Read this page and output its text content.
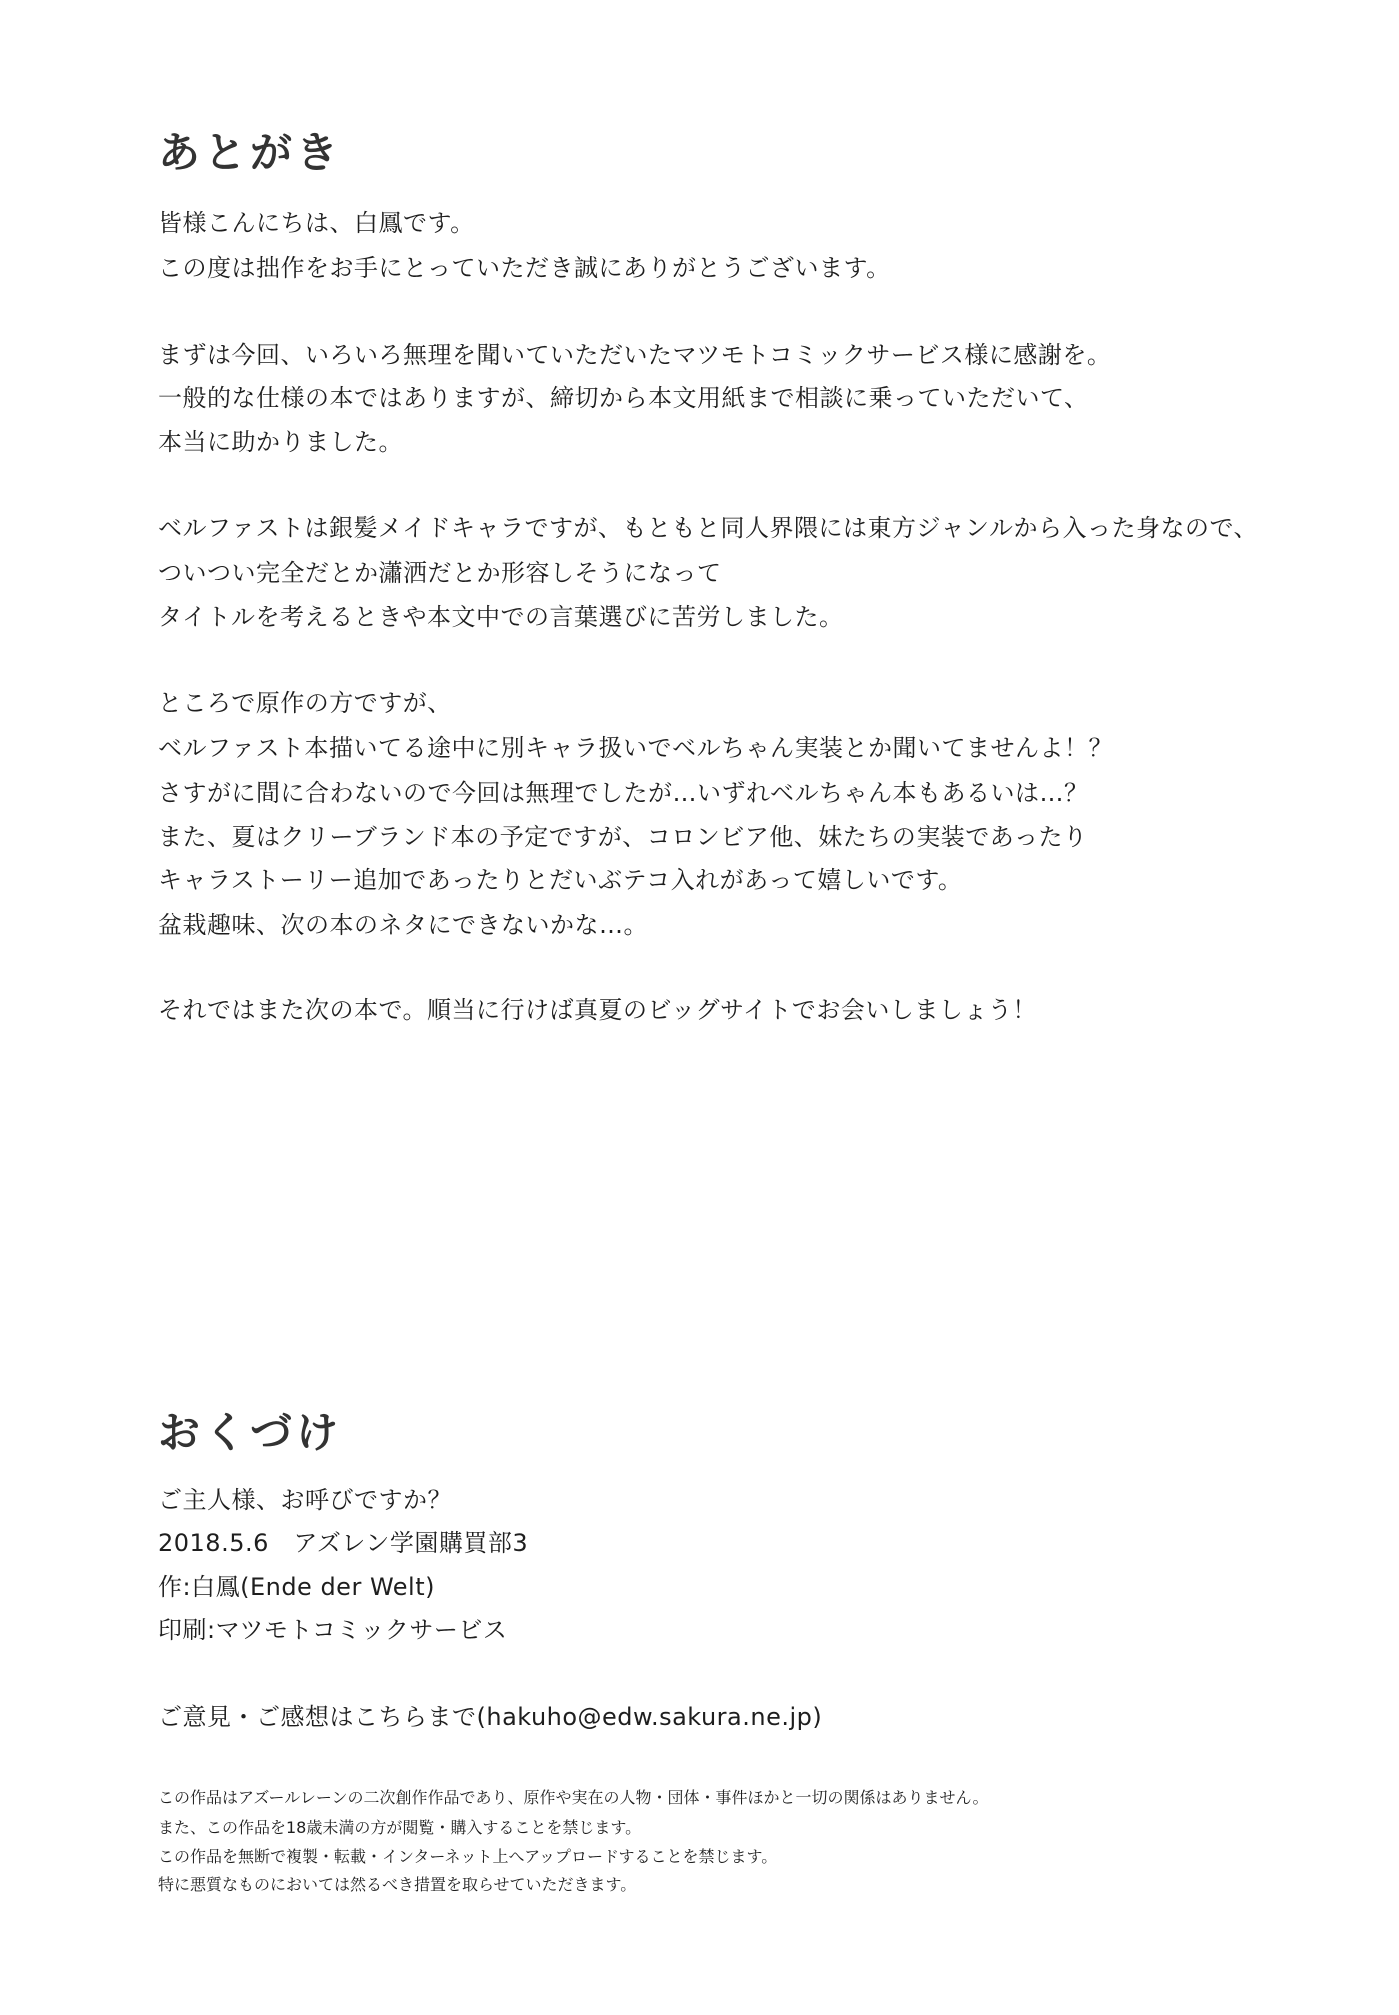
あとがき
皆様こんにちは、白鳳です。
この度は拙作をお手にとっていただき誠にありがとうございます。
まずは今回、いろいろ無理を聞いていただいたマツモトコミックサービス様に感謝を。
一般的な仕様の本ではありますが、締切から本文用紙まで相談に乗っていただいて、
本当に助かりました。
ベルファストは銀髪メイドキャラですが、もともと同人界隈には東方ジャンルから入った身なので、
ついつい完全だとか瀟洒だとか形容しそうになって
タイトルを考えるときや本文中での言葉選びに苦労しました。
ところで原作の方ですが、
ベルファスト本描いてる途中に別キャラ扱いでベルちゃん実装とか聞いてませんよ！？
さすがに間に合わないので今回は無理でしたが…いずれベルちゃん本もあるいは…？
また、夏はクリーブランド本の予定ですが、コロンビア他、妹たちの実装であったり
キャラストーリー追加であったりとだいぶテコ入れがあって嬉しいです。
盆栽趣味、次の本のネタにできないかな…。
それではまた次の本で。順当に行けば真夏のビッグサイトでお会いしましょう！
おくづけ
ご主人様、お呼びですか？
2018.5.6　アズレン学園購買部3
作:白鳳(Ende der Welt)
印刷:マツモトコミックサービス
ご意見・ご感想はこちらまで(hakuho@edw.sakura.ne.jp)
この作品はアズールレーンの二次創作作品であり、原作や実在の人物・団体・事件ほかと一切の関係はありません。
また、この作品を18歳未満の方が閲覧・購入することを禁じます。
この作品を無断で複製・転載・インターネット上へアップロードすることを禁じます。
特に悪質なものにおいては然るべき措置を取らせていただきます。
